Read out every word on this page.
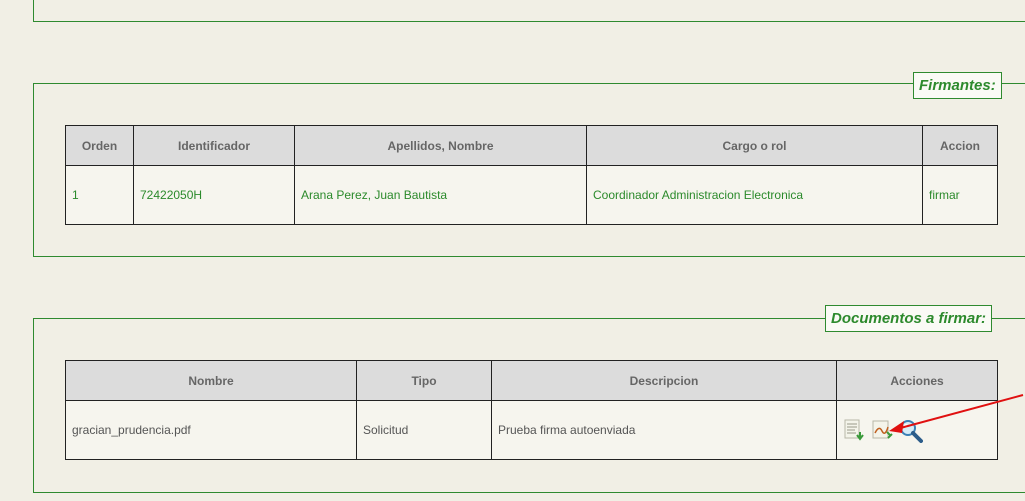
Firmantes:
Orden	Identificador	Apellidos, Nombre	Cargo o rol	Accion
1	72422050H	Arana Perez, Juan Bautista	Coordinador Administracion Electronica	firmar
Documentos a firmar:
Nombre	Tipo	Descripcion	Acciones
gracian_prudencia.pdf	Solicitud	Prueba firma autoenviada	
